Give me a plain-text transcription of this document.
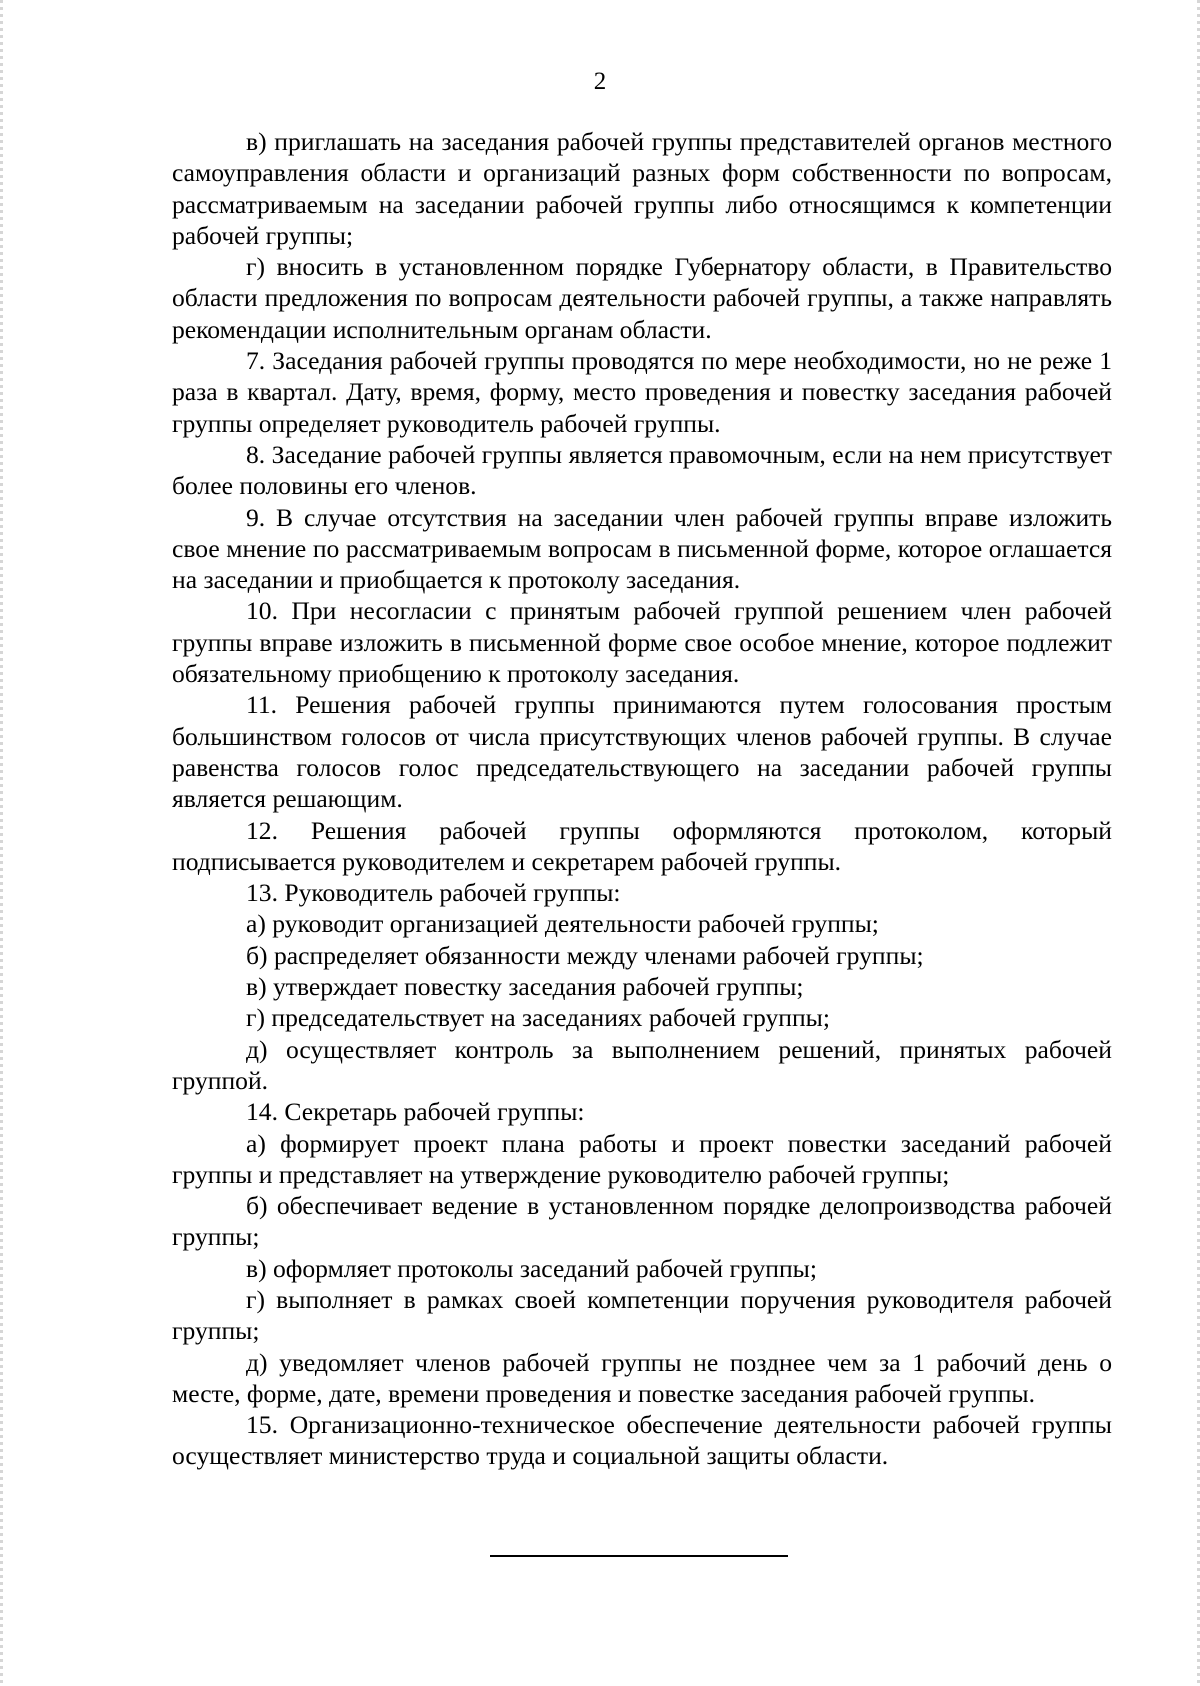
2

в) приглашать на заседания рабочей группы представителей органов местного самоуправления области и организаций разных форм собственности по вопросам, рассматриваемым на заседании рабочей группы либо относящимся к компетенции рабочей группы;

г) вносить в установленном порядке Губернатору области, в Правительство области предложения по вопросам деятельности рабочей группы, а также направлять рекомендации исполнительным органам области.

7. Заседания рабочей группы проводятся по мере необходимости, но не реже 1 раза в квартал. Дату, время, форму, место проведения и повестку заседания рабочей группы определяет руководитель рабочей группы.

8. Заседание рабочей группы является правомочным, если на нем присутствует более половины его членов.

9. В случае отсутствия на заседании член рабочей группы вправе изложить свое мнение по рассматриваемым вопросам в письменной форме, которое оглашается на заседании и приобщается к протоколу заседания.

10. При несогласии с принятым рабочей группой решением член рабочей группы вправе изложить в письменной форме свое особое мнение, которое подлежит обязательному приобщению к протоколу заседания.

11. Решения рабочей группы принимаются путем голосования простым большинством голосов от числа присутствующих членов рабочей группы. В случае равенства голосов голос председательствующего на заседании рабочей группы является решающим.

12. Решения рабочей группы оформляются протоколом, который подписывается руководителем и секретарем рабочей группы.

13. Руководитель рабочей группы:

а) руководит организацией деятельности рабочей группы;

б) распределяет обязанности между членами рабочей группы;

в) утверждает повестку заседания рабочей группы;

г) председательствует на заседаниях рабочей группы;

д) осуществляет контроль за выполнением решений, принятых рабочей группой.

14. Секретарь рабочей группы:

а) формирует проект плана работы и проект повестки заседаний рабочей группы и представляет на утверждение руководителю рабочей группы;

б) обеспечивает ведение в установленном порядке делопроизводства рабочей группы;

в) оформляет протоколы заседаний рабочей группы;

г) выполняет в рамках своей компетенции поручения руководителя рабочей группы;

д) уведомляет членов рабочей группы не позднее чем за 1 рабочий день о месте, форме, дате, времени проведения и повестке заседания рабочей группы.

15. Организационно-техническое обеспечение деятельности рабочей группы осуществляет министерство труда и социальной защиты области.
